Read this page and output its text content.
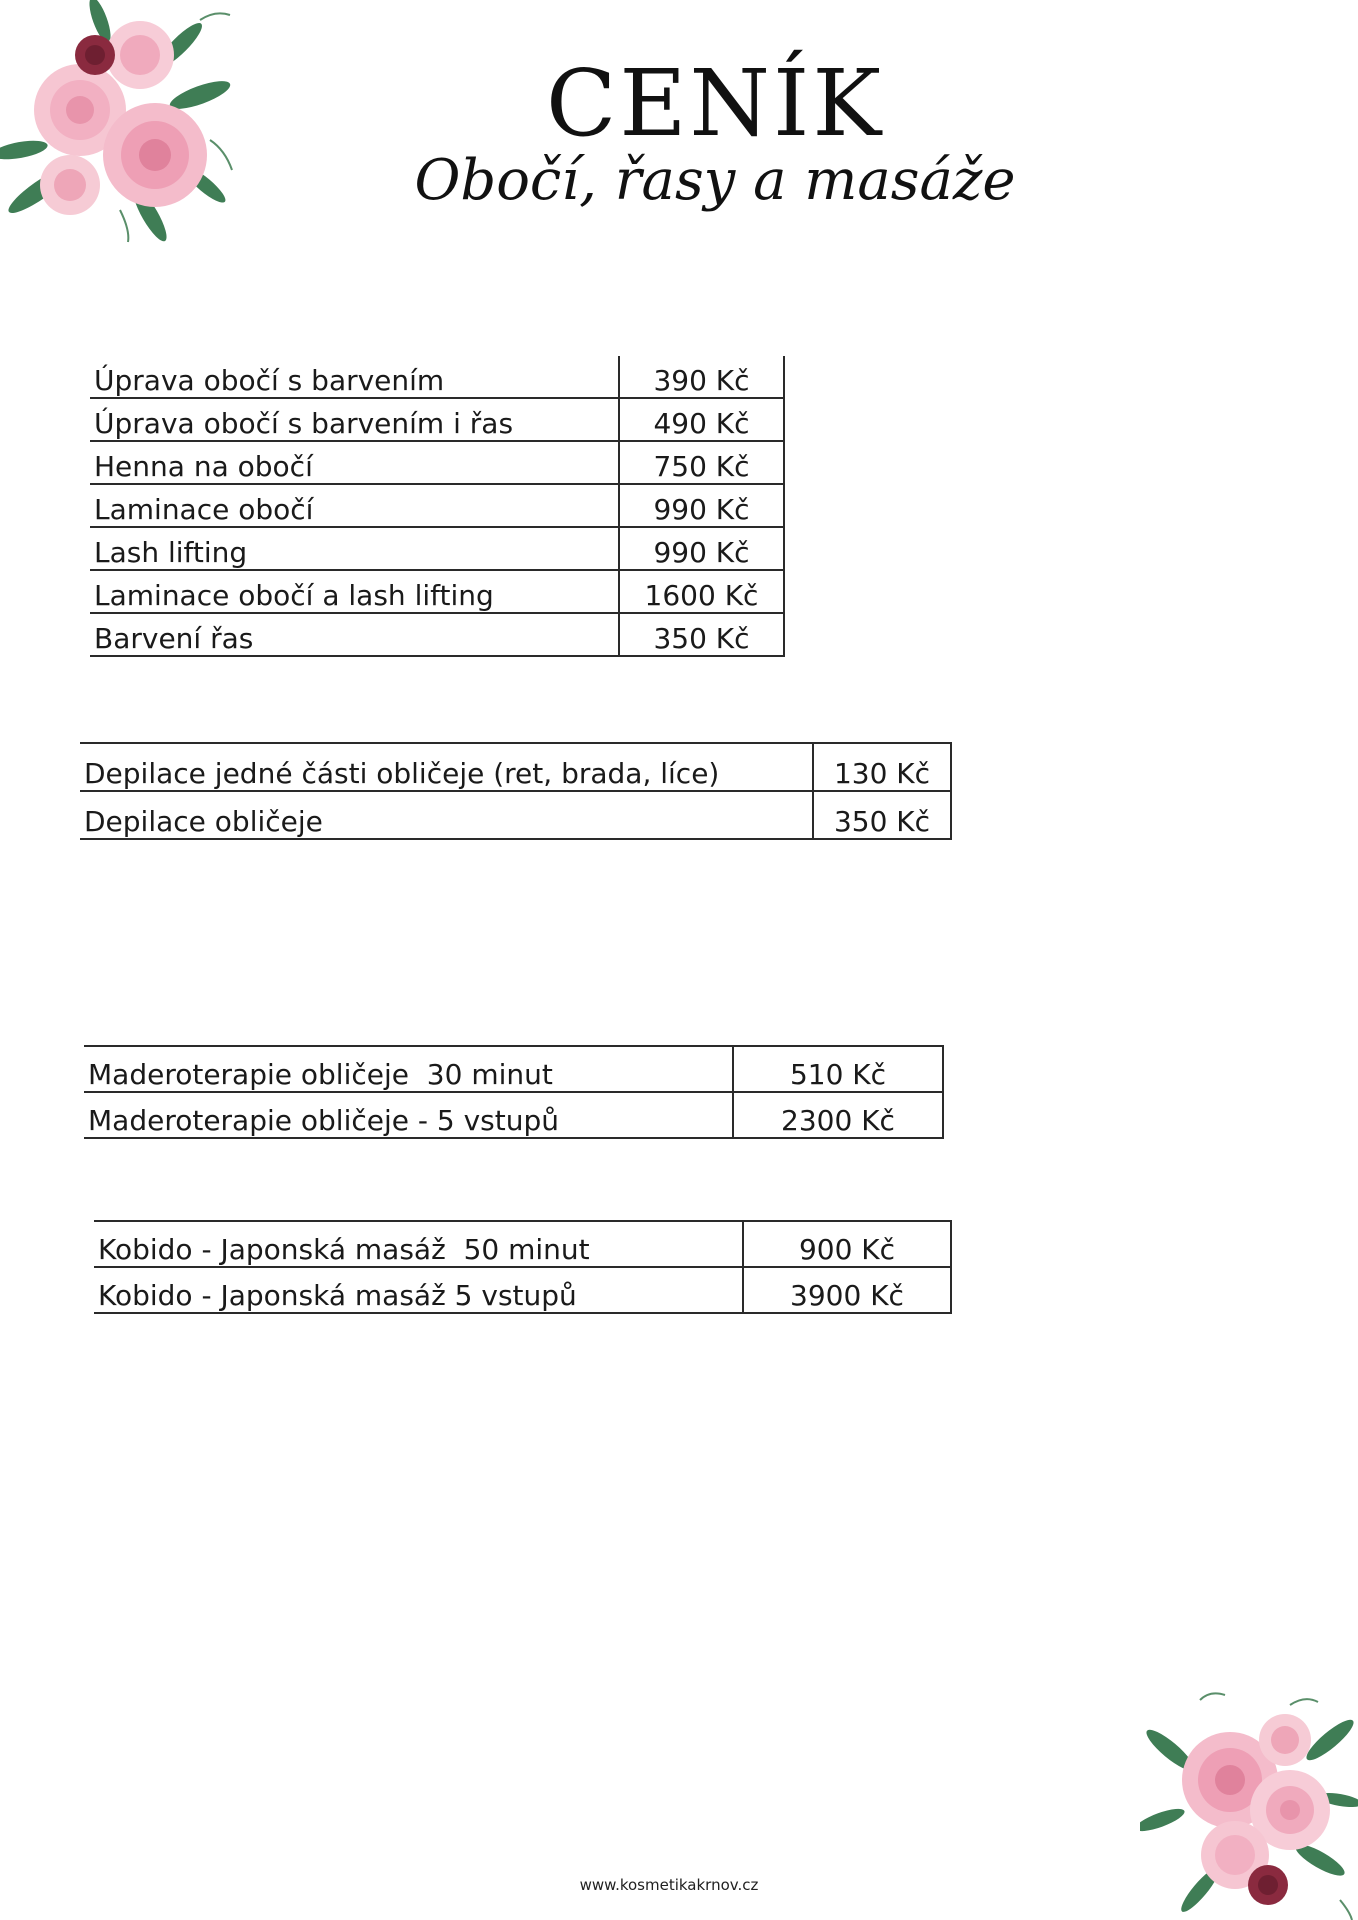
CENÍK
Obočí, řasy a masáže
Úprava obočí s barvením	390 Kč
Úprava obočí s barvením i řas	490 Kč
Henna na obočí	750 Kč
Laminace obočí	990 Kč
Lash lifting	990 Kč
Laminace obočí a lash lifting	1600 Kč
Barvení řas	350 Kč
Depilace jedné části obličeje (ret, brada, líce)	130 Kč
Depilace obličeje	350 Kč
Maderoterapie obličeje  30 minut	510 Kč
Maderoterapie obličeje - 5 vstupů	2300 Kč
Kobido - Japonská masáž  50 minut	900 Kč
Kobido - Japonská masáž 5 vstupů	3900 Kč
www.kosmetikakrnov.cz
